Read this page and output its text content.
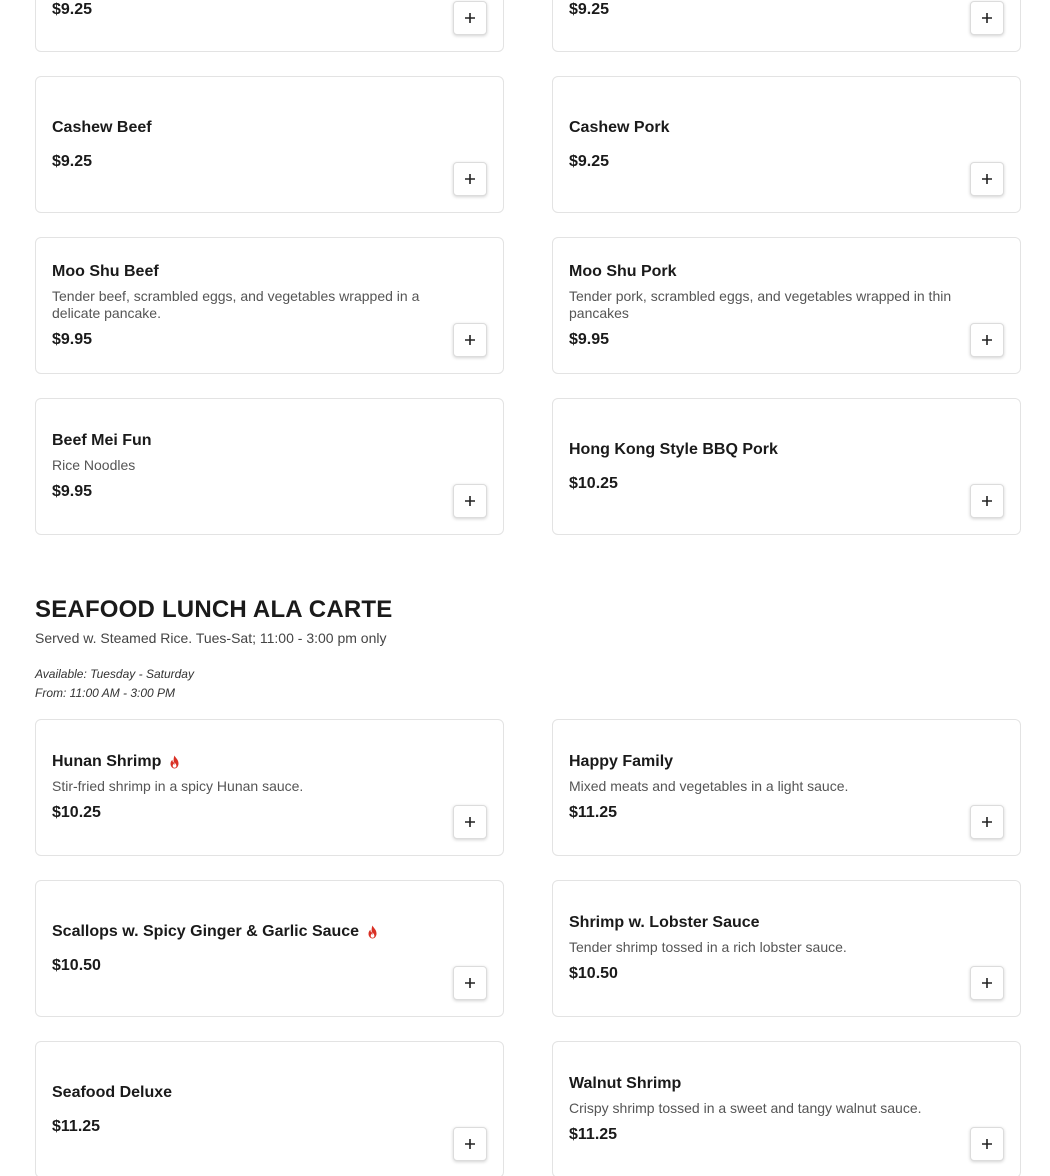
$9.25	$9.25
Cashew Beef
$9.25
Cashew Pork
$9.25
Moo Shu Beef
Tender beef, scrambled eggs, and vegetables wrapped in a delicate pancake.
$9.95
Moo Shu Pork
Tender pork, scrambled eggs, and vegetables wrapped in thin pancakes
$9.95
Beef Mei Fun
Rice Noodles
$9.95
Hong Kong Style BBQ Pork
$10.25
SEAFOOD LUNCH ALA CARTE
Served w. Steamed Rice. Tues-Sat; 11:00 - 3:00 pm only
Available: Tuesday - Saturday
From: 11:00 AM - 3:00 PM
Hunan Shrimp
Stir-fried shrimp in a spicy Hunan sauce.
$10.25
Happy Family
Mixed meats and vegetables in a light sauce.
$11.25
Scallops w. Spicy Ginger & Garlic Sauce
$10.50
Shrimp w. Lobster Sauce
Tender shrimp tossed in a rich lobster sauce.
$10.50
Seafood Deluxe
$11.25
Walnut Shrimp
Crispy shrimp tossed in a sweet and tangy walnut sauce.
$11.25
